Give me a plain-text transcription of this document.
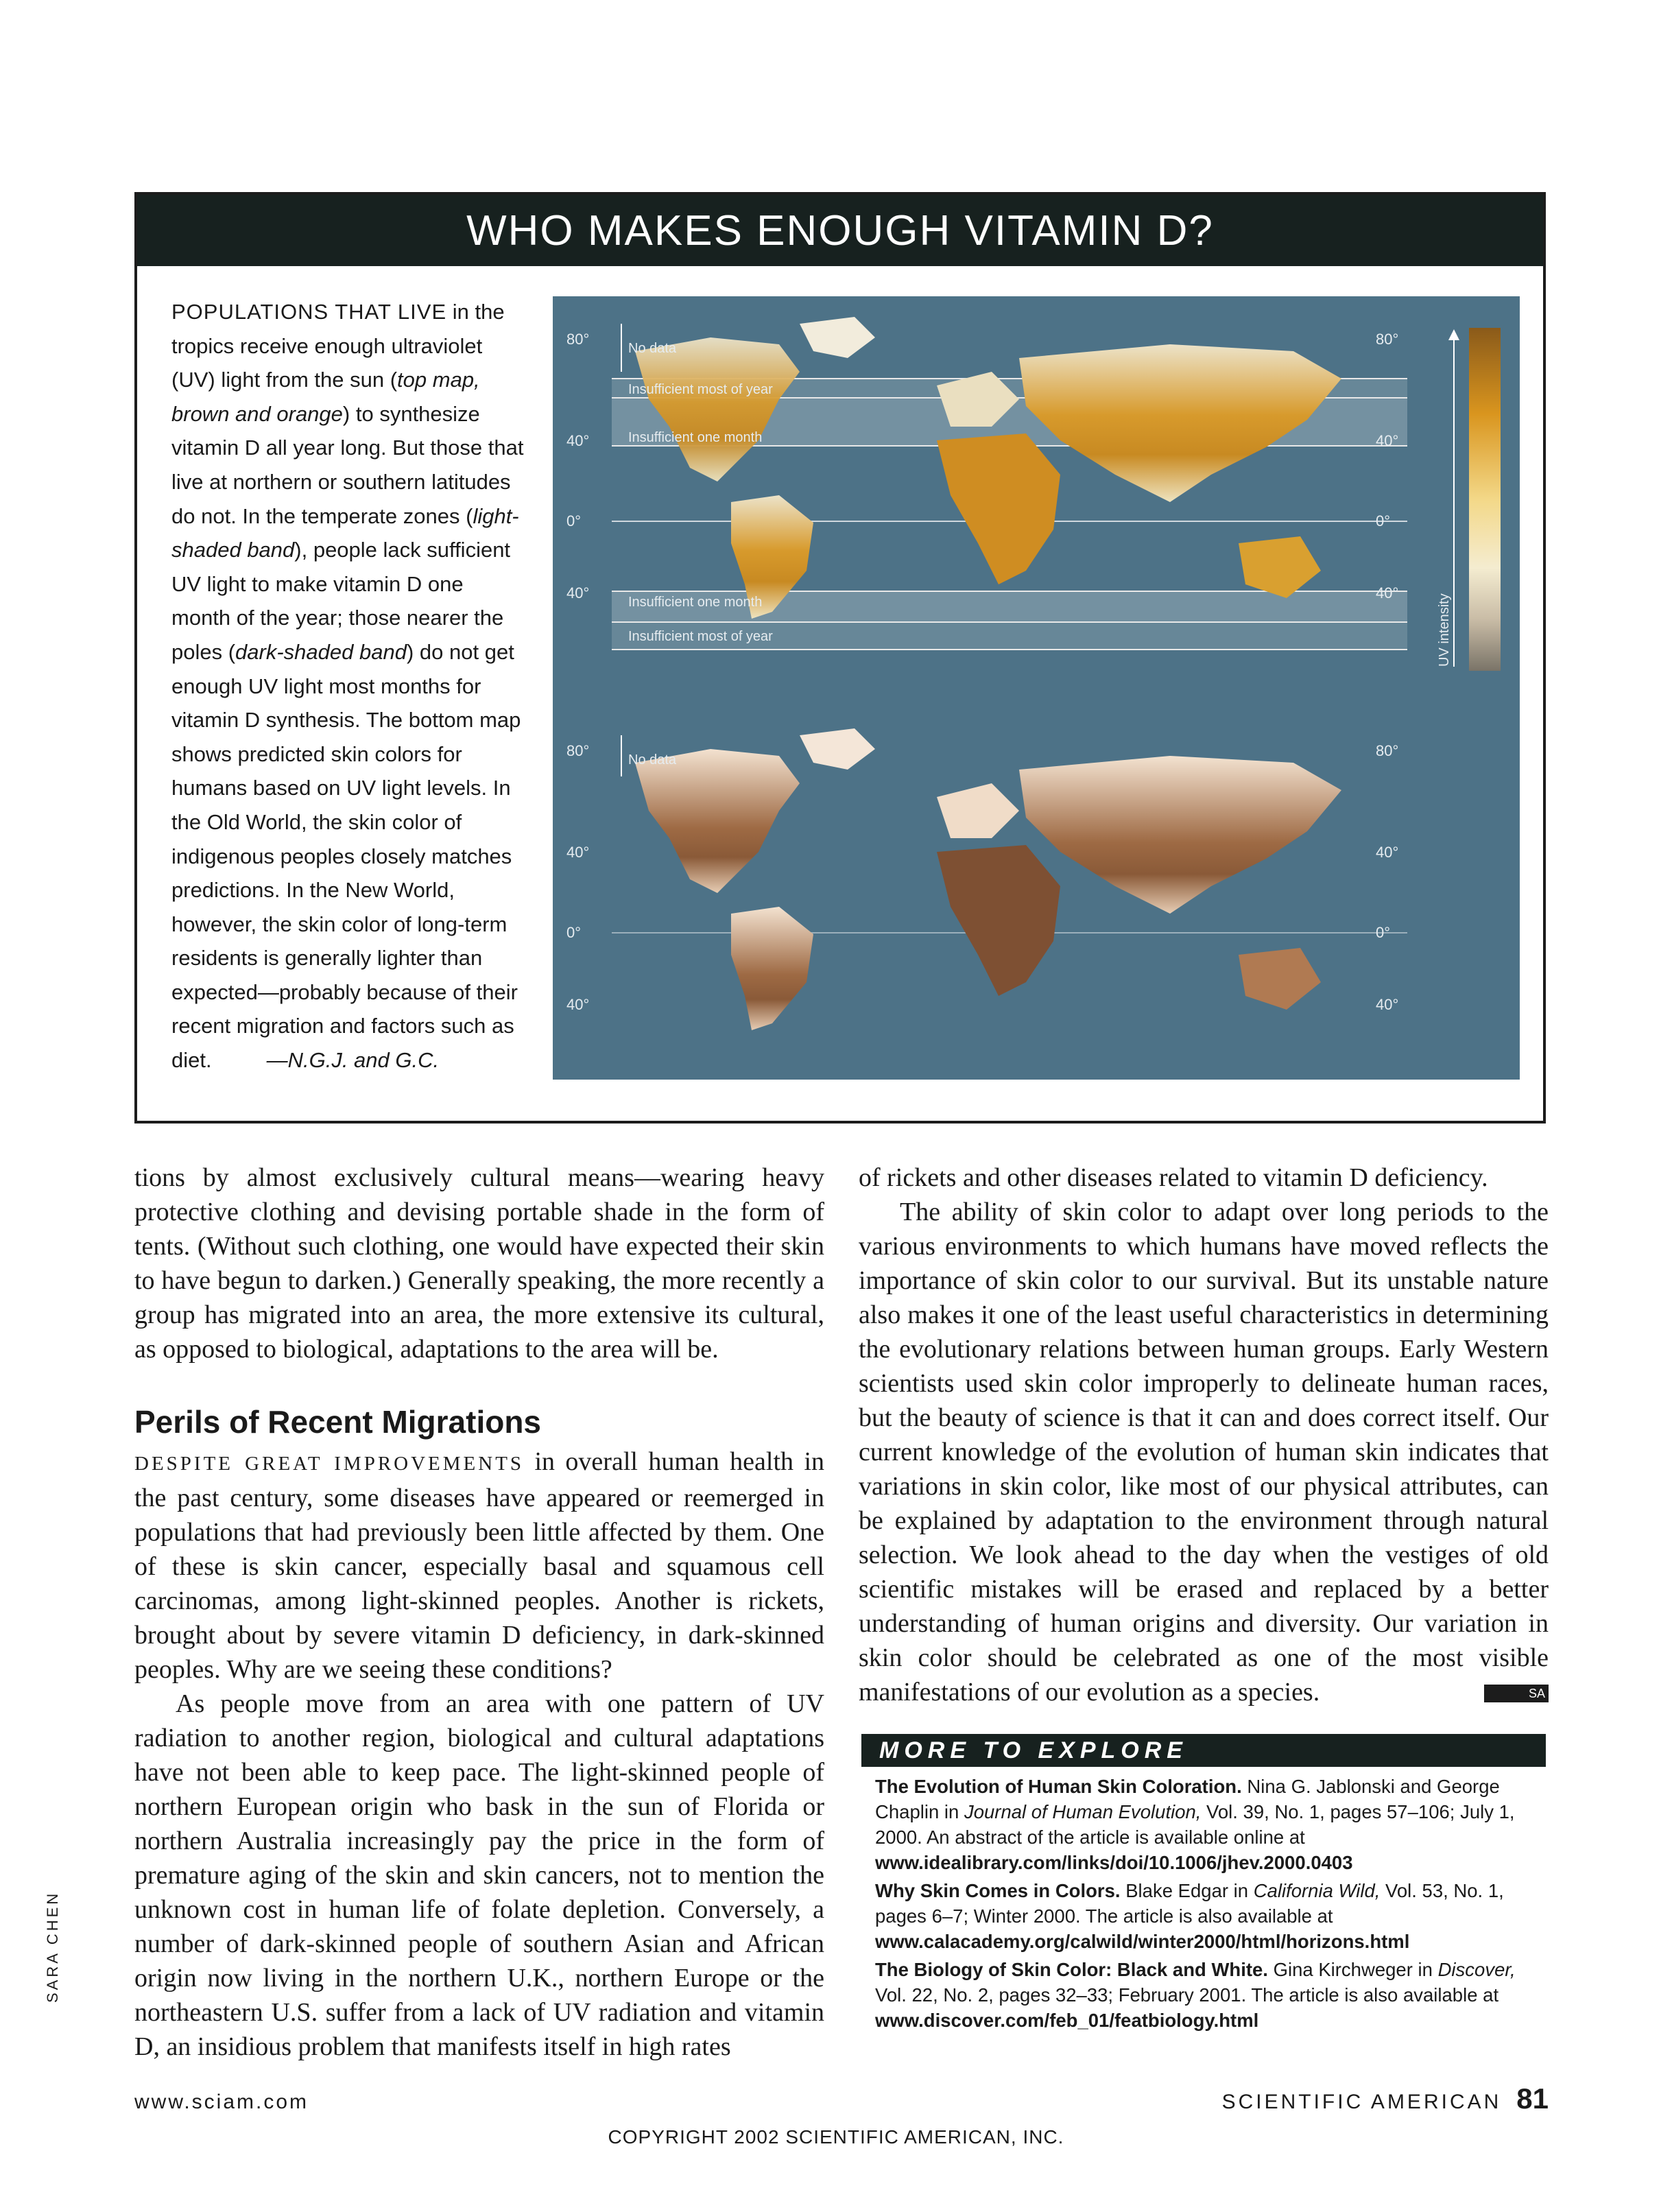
WHO MAKES ENOUGH VITAMIN D?
POPULATIONS THAT LIVE in the tropics receive enough ultraviolet (UV) light from the sun (top map, brown and orange) to synthesize vitamin D all year long. But those that live at northern or southern latitudes do not. In the temperate zones (light-shaded band), people lack sufficient UV light to make vitamin D one month of the year; those nearer the poles (dark-shaded band) do not get enough UV light most months for vitamin D synthesis. The bottom map shows predicted skin colors for humans based on UV light levels. In the Old World, the skin color of indigenous peoples closely matches predictions. In the New World, however, the skin color of long-term residents is generally lighter than expected—probably because of their recent migration and factors such as diet.	—N.G.J. and G.C.
80°
40°
0°
40°
80°
40°
0°
40°
No data
Insufficient most of year
Insufficient one month
Insufficient one month
Insufficient most of year	UV intensity
80°
40°
0°
40°
80°
40°
0°
40°
No data

tions by almost exclusively cultural means—wearing heavy protective clothing and devising portable shade in the form of tents. (Without such clothing, one would have expected their skin to have begun to darken.) Generally speaking, the more recently a group has migrated into an area, the more extensive its cultural, as opposed to biological, adaptations to the area will be.

Perils of Recent Migrations

DESPITE GREAT IMPROVEMENTS in overall human health in the past century, some diseases have appeared or reemerged in populations that had previously been little affected by them. One of these is skin cancer, especially basal and squamous cell carcinomas, among light-skinned peoples. Another is rickets, brought about by severe vitamin D deficiency, in dark-skinned peoples. Why are we seeing these conditions?

As people move from an area with one pattern of UV radiation to another region, biological and cultural adaptations have not been able to keep pace. The light-skinned people of northern European origin who bask in the sun of Florida or northern Australia increasingly pay the price in the form of premature aging of the skin and skin cancers, not to mention the unknown cost in human life of folate depletion. Conversely, a number of dark-skinned people of southern Asian and African origin now living in the northern U.K., northern Europe or the northeastern U.S. suffer from a lack of UV radiation and vitamin D, an insidious problem that manifests itself in high rates

of rickets and other diseases related to vitamin D deficiency.

The ability of skin color to adapt over long periods to the various environments to which humans have moved reflects the importance of skin color to our survival. But its unstable nature also makes it one of the least useful characteristics in determining the evolutionary relations between human groups. Early Western scientists used skin color improperly to delineate human races, but the beauty of science is that it can and does correct itself. Our current knowledge of the evolution of human skin indicates that variations in skin color, like most of our physical attributes, can be explained by adaptation to the environment through natural selection. We look ahead to the day when the vestiges of old scientific mistakes will be erased and replaced by a better understanding of human origins and diversity. Our variation in skin color should be celebrated as one of the most visible manifestations of our evolution as a species.	SA

MORE TO EXPLORE
The Evolution of Human Skin Coloration. Nina G. Jablonski and George Chaplin in Journal of Human Evolution, Vol. 39, No. 1, pages 57–106; July 1, 2000. An abstract of the article is available online at www.idealibrary.com/links/doi/10.1006/jhev.2000.0403
Why Skin Comes in Colors. Blake Edgar in California Wild, Vol. 53, No. 1, pages 6–7; Winter 2000. The article is also available at www.calacademy.org/calwild/winter2000/html/horizons.html
The Biology of Skin Color: Black and White. Gina Kirchweger in Discover, Vol. 22, No. 2, pages 32–33; February 2001. The article is also available at www.discover.com/feb_01/featbiology.html
SARA CHEN
www.sciam.com	SCIENTIFIC AMERICAN 81
COPYRIGHT 2002 SCIENTIFIC AMERICAN, INC.
